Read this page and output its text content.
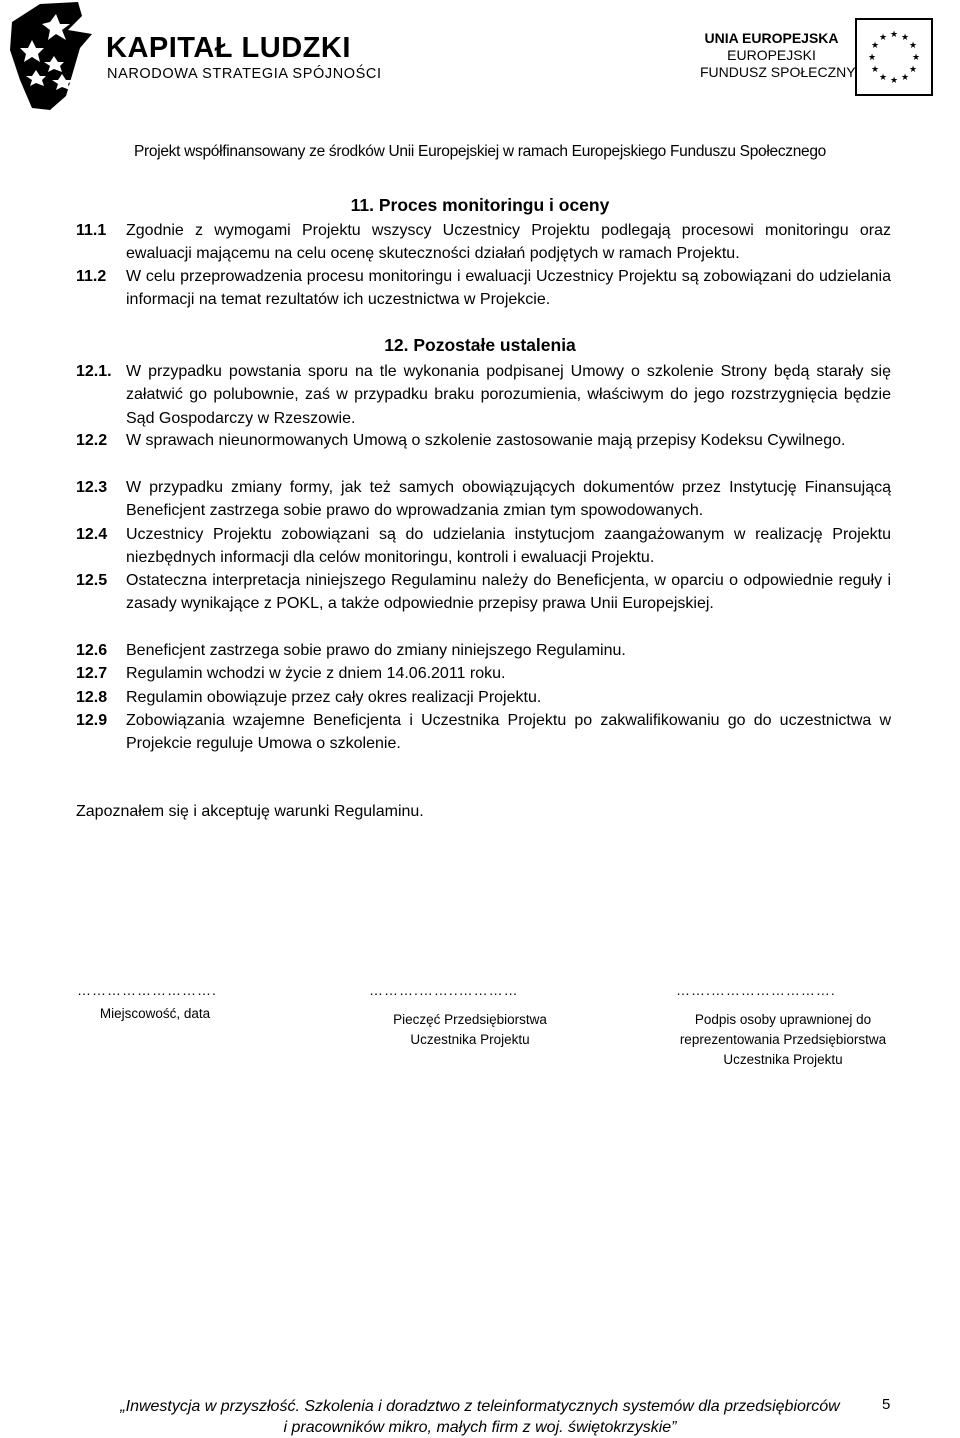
KAPITAŁ LUDZKI
NARODOWA STRATEGIA SPÓJNOŚCI
UNIA EUROPEJSKA
EUROPEJSKI
FUNDUSZ SPOŁECZNY
★ ★
★
★
★
★
★
★
★
★
★
★
Projekt współfinansowany ze środków Unii Europejskiej w ramach Europejskiego Funduszu Społecznego
11. Proces monitoringu i oceny
11.1 Zgodnie z wymogami Projektu wszyscy Uczestnicy Projektu podlegają procesowi monitoringu oraz ewaluacji mającemu na celu ocenę skuteczności działań podjętych w ramach Projektu.
11.2 W celu przeprowadzenia procesu monitoringu i ewaluacji Uczestnicy Projektu są zobowiązani do udzielania informacji na temat rezultatów ich uczestnictwa w Projekcie.
12. Pozostałe ustalenia
12.1. W przypadku powstania sporu na tle wykonania podpisanej Umowy o szkolenie Strony będą starały się załatwić go polubownie, zaś w przypadku braku porozumienia, właściwym do jego rozstrzygnięcia będzie Sąd Gospodarczy w Rzeszowie.
12.2 W sprawach nieunormowanych Umową o szkolenie zastosowanie mają przepisy Kodeksu Cywilnego.
12.3 W przypadku zmiany formy, jak też samych obowiązujących dokumentów przez Instytucję Finansującą Beneficjent zastrzega sobie prawo do wprowadzania zmian tym spowodowanych.
12.4 Uczestnicy Projektu zobowiązani są do udzielania instytucjom zaangażowanym w realizację Projektu niezbędnych informacji dla celów monitoringu, kontroli i ewaluacji Projektu.
12.5 Ostateczna interpretacja niniejszego Regulaminu należy do Beneficjenta, w oparciu o odpowiednie reguły i zasady wynikające z POKL, a także odpowiednie przepisy prawa Unii Europejskiej.
12.6 Beneficjent zastrzega sobie prawo do zmiany niniejszego Regulaminu.
12.7 Regulamin wchodzi w życie z dniem 14.06.2011 roku.
12.8 Regulamin obowiązuje przez cały okres realizacji Projektu.
12.9 Zobowiązania wzajemne Beneficjenta i Uczestnika Projektu po zakwalifikowaniu go do uczestnictwa w Projekcie reguluje Umowa o szkolenie.
Zapoznałem się i akceptuję warunki Regulaminu.
……………………….
Miejscowość, data
……….……..…………
Pieczęć Przedsiębiorstwa Uczestnika Projektu
…….…………………….
Podpis osoby uprawnionej do reprezentowania Przedsiębiorstwa Uczestnika Projektu
„Inwestycja w przyszłość. Szkolenia i doradztwo z teleinformatycznych systemów dla przedsiębiorców
i pracowników mikro, małych firm z woj. świętokrzyskie”
5
